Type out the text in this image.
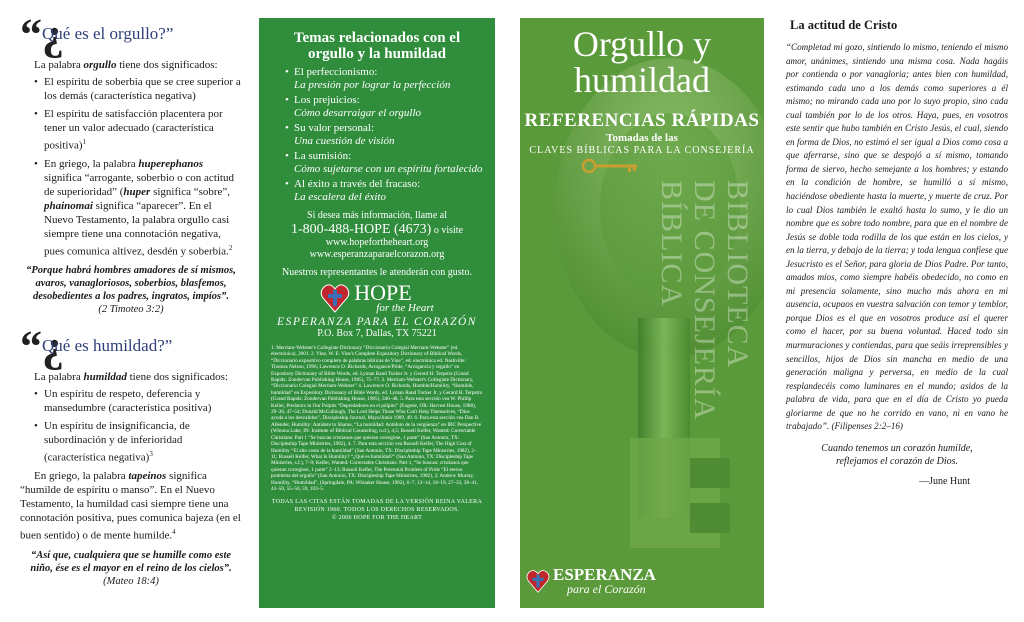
“¿
Qué es el orgullo?”

La palabra orgullo tiene dos significados:

• El espíritu de soberbia que se cree superior a los demás (característica negativa)
• El espíritu de satisfacción placentera por tener un valor adecuado (característica positiva)$^1$
• En griego, la palabra huperephanos significa “arrogante, soberbio o con actitud de superioridad” (huper significa “sobre”, phainomai significa “aparecer”. En el Nuevo Testamento, la palabra orgullo casi siempre tiene una connotación negativa, pues comunica altivez, desdén y soberbia.$^2$

“Porque habrá hombres amadores de sí mismos, avaros, vanagloriosos, soberbios, blasfemos, desobedientes a los padres, ingratos, impíos”.
(2 Timoteo 3:2)

“¿
Qué es humildad?”

La palabra humildad tiene dos significados:

• Un espíritu de respeto, deferencia y mansedumbre (característica positiva)
• Un espíritu de insignificancia, de subordinación y de inferioridad (característica negativa)$^3$

En griego, la palabra tapeinos significa “humilde de espíritu o manso”. En el Nuevo Testamento, la humildad casi siempre tiene una connotación positiva, pues comunica bajeza (en el buen sentido) o de mente humilde.$^4$

“Así que, cualquiera que se humille como este niño, ése es el mayor en el reino de los cielos”.
(Mateo 18:4)

Temas relacionados con el orgullo y la humildad
• El perfeccionismo:
La presión por lograr la perfección
• Los prejuicios:
Cómo desarraigar el orgullo
• Su valor personal:
Una cuestión de visión
• La sumisión:
Cómo sujetarse con un espíritu fortalecido
• Al éxito a través del fracaso:
La escalera del éxito
Si desea más información, llame al
1-800-488-HOPE (4673) o visite
www.hopefortheheart.org
www.esperanzaparaelcorazon.org
Nuestros representantes le atenderán con gusto.
HOPE
for the Heart
ESPERANZA PARA EL CORAZÓN
P.O. Box 7, Dallas, TX 75221
1. Merriam-Webster's Collegiate Dictionary “Diccionario Colegial Merriam-Webster” (ed. electrónica), 2001. 2. Vine, W. E. Vine's Complete Expository Dictionary of Biblical Words, “Diccionario expositivo completo de palabras bíblicas de Vine”, ed. electrónica ed. Nashville: Thomas Nelson, 1996; Lawrence O. Richards, Arrogance/Pride, “Arrogancia y orgullo” en Expository Dictionary of Bible Words, ed. Lyman Rand Tucker Jr. y Gerard H. Terpstra (Grand Rapids: Zondervan Publishing House, 1985), 75–77. 3. Merriam-Webster's Collegiate Dictionary, “Diccionario Colegial Merriam-Webster” 4. Lawrence O. Richards, Humble/Humility, “Humilde, humildad” en Expository Dictionary of Bible Words, ed. Lyman Rand Tucker Jr. y Gerard H. Terpstra (Grand Rapids: Zondervan Publishing House, 1985), 346–48. 5. Para esta sección vea W. Phillip Keller, Predators in Our Pulpits “Depredadores en el púlpito” (Eugene, OR: Harvest House, 1988), 29–36, 47–54; Donald McCullough, The Lord Helps Those Who Can't Help Themselves, “Dios ayuda a los desvalidos”, Discipleship Journal, Mayo/Junio 1989, 49. 6. Para esta sección vea Dan B. Allender, Humility: Antidote to Shame, “La humildad: Antídoto de la vergüenza” en IBC Perspective (Winona Lake, IN: Institute of Biblical Counseling, n.d.), 4,5; Russell Kelfer, Wanted: Correctable Christians: Part 1 “Se buscan cristianos que quieran corregirse, 1 parte” (San Antonio, TX: Discipleship Tape Ministries, 1982), 4. 7. Para esta sección vea Russell Kelfer, The High Cost of Humility “El alto costo de la humildad” (San Antonio, TX: Discipleship Tape Ministries, 1982), 2–11; Russell Kelfer, What Is Humility? “¿Qué es humildad?” (San Antonio, TX: Discipleship Tape Ministries, s.f.), 7–9; Kelfer, Wanted: Correctable Christians: Part 1, “Se buscan: cristianos que quieran corregirse, 1 parte” 2–13; Russell Kelfer, The Perennial Problem of Pride “El eterno problema del orgullo” (San Antonio, TX: Discipleship Tape Ministries, 1982), 2; Andrew Murray, Humility, “Humildad”, (Springdale, PA: Whitaker House, 1982), 6–7, 13–14, 18–19, 27–33, 38–41, 43–50, 55–56, 59, 103–5.
TODAS LAS CITAS ESTÁN TOMADAS DE LA VERSIÓN REINA VALERA
REVISIÓN 1960. TODOS LOS DERECHOS RESERVADOS.
© 2006 HOPE FOR THE HEART
Orgullo y
humildad
REFERENCIAS RÁPIDAS
Tomadas de las
CLAVES BÍBLICAS PARA LA CONSEJERÍA
BIBLIOTECA
DE CONSEJERÍA
BÍBLICA
ESPERANZA
para el Corazón
La actitud de Cristo

“Completad mi gozo, sintiendo lo mismo, teniendo el mismo amor, unánimes, sintiendo una misma cosa. Nada hagáis por contienda o por vanagloria; antes bien con humildad, estimando cada uno a los demás como superiores a él mismo; no mirando cada uno por lo suyo propio, sino cada cual también por lo de los otros. Haya, pues, en vosotros este sentir que hubo también en Cristo Jesús, el cual, siendo en forma de Dios, no estimó el ser igual a Dios como cosa a que aferrarse, sino que se despojó a sí mismo, tomando forma de siervo, hecho semejante a los hombres; y estando en la condición de hombre, se humilló a sí mismo, haciéndose obediente hasta la muerte, y muerte de cruz. Por lo cual Dios también le exaltó hasta lo sumo, y le dio un nombre que es sobre todo nombre, para que en el nombre de Jesús se doble toda rodilla de los que están en los cielos, y en la tierra, y debajo de la tierra; y toda lengua confiese que Jesucristo es el Señor, para gloria de Dios Padre. Por tanto, amados míos, como siempre habéis obedecido, no como en mi presencia solamente, sino mucho más ahora en mi ausencia, ocupaos en vuestra salvación con temor y temblor, porque Dios es el que en vosotros produce así el querer como el hacer, por su buena voluntad. Haced todo sin murmuraciones y contiendas, para que seáis irreprensibles y sencillos, hijos de Dios sin mancha en medio de una generación maligna y perversa, en medio de la cual resplandecéis como luminares en el mundo; asidos de la palabra de vida, para que en el día de Cristo yo pueda gloriarme de que no he corrido en vano, ni en vano he trabajado”. (Filipenses 2:2–16)

Cuando tenemos un corazón humilde,
reflejamos el corazón de Dios.
—June Hunt
